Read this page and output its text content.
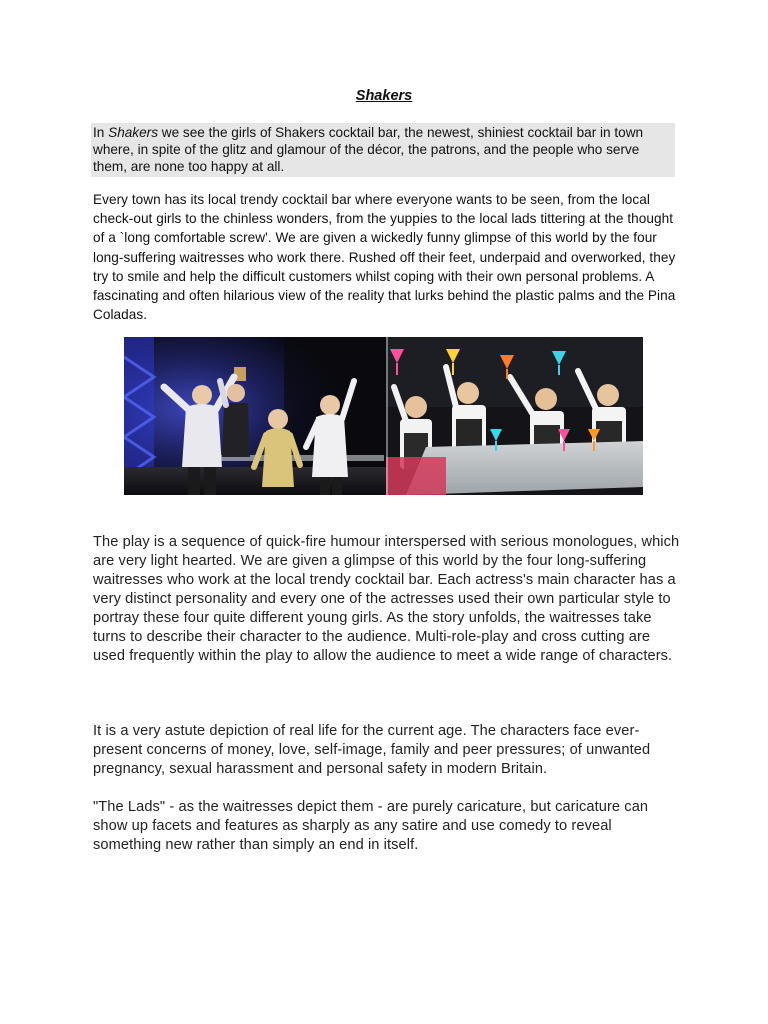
Shakers
In Shakers we see the girls of Shakers cocktail bar, the newest, shiniest cocktail bar in town where, in spite of the glitz and glamour of the décor, the patrons, and the people who serve them, are none too happy at all.
Every town has its local trendy cocktail bar where everyone wants to be seen, from the local check-out girls to the chinless wonders, from the yuppies to the local lads tittering at the thought of a `long comfortable screw'. We are given a wickedly funny glimpse of this world by the four long-suffering waitresses who work there. Rushed off their feet, underpaid and overworked, they try to smile and help the difficult customers whilst coping with their own personal problems. A fascinating and often hilarious view of the reality that lurks behind the plastic palms and the Pina Coladas.
The play is a sequence of quick-fire humour interspersed with serious monologues, which are very light hearted. We are given a glimpse of this world by the four long-suffering waitresses who work at the local trendy cocktail bar. Each actress's main character has a very distinct personality and every one of the actresses used their own particular style to portray these four quite different young girls. As the story unfolds, the waitresses take turns to describe their character to the audience. Multi-role-play and cross cutting are used frequently within the play to allow the audience to meet a wide range of characters.
It is a very astute depiction of real life for the current age. The characters face ever-present concerns of money, love, self-image, family and peer pressures; of unwanted pregnancy, sexual harassment and personal safety in modern Britain.
"The Lads" - as the waitresses depict them - are purely caricature, but caricature can show up facets and features as sharply as any satire and use comedy to reveal something new rather than simply an end in itself.
